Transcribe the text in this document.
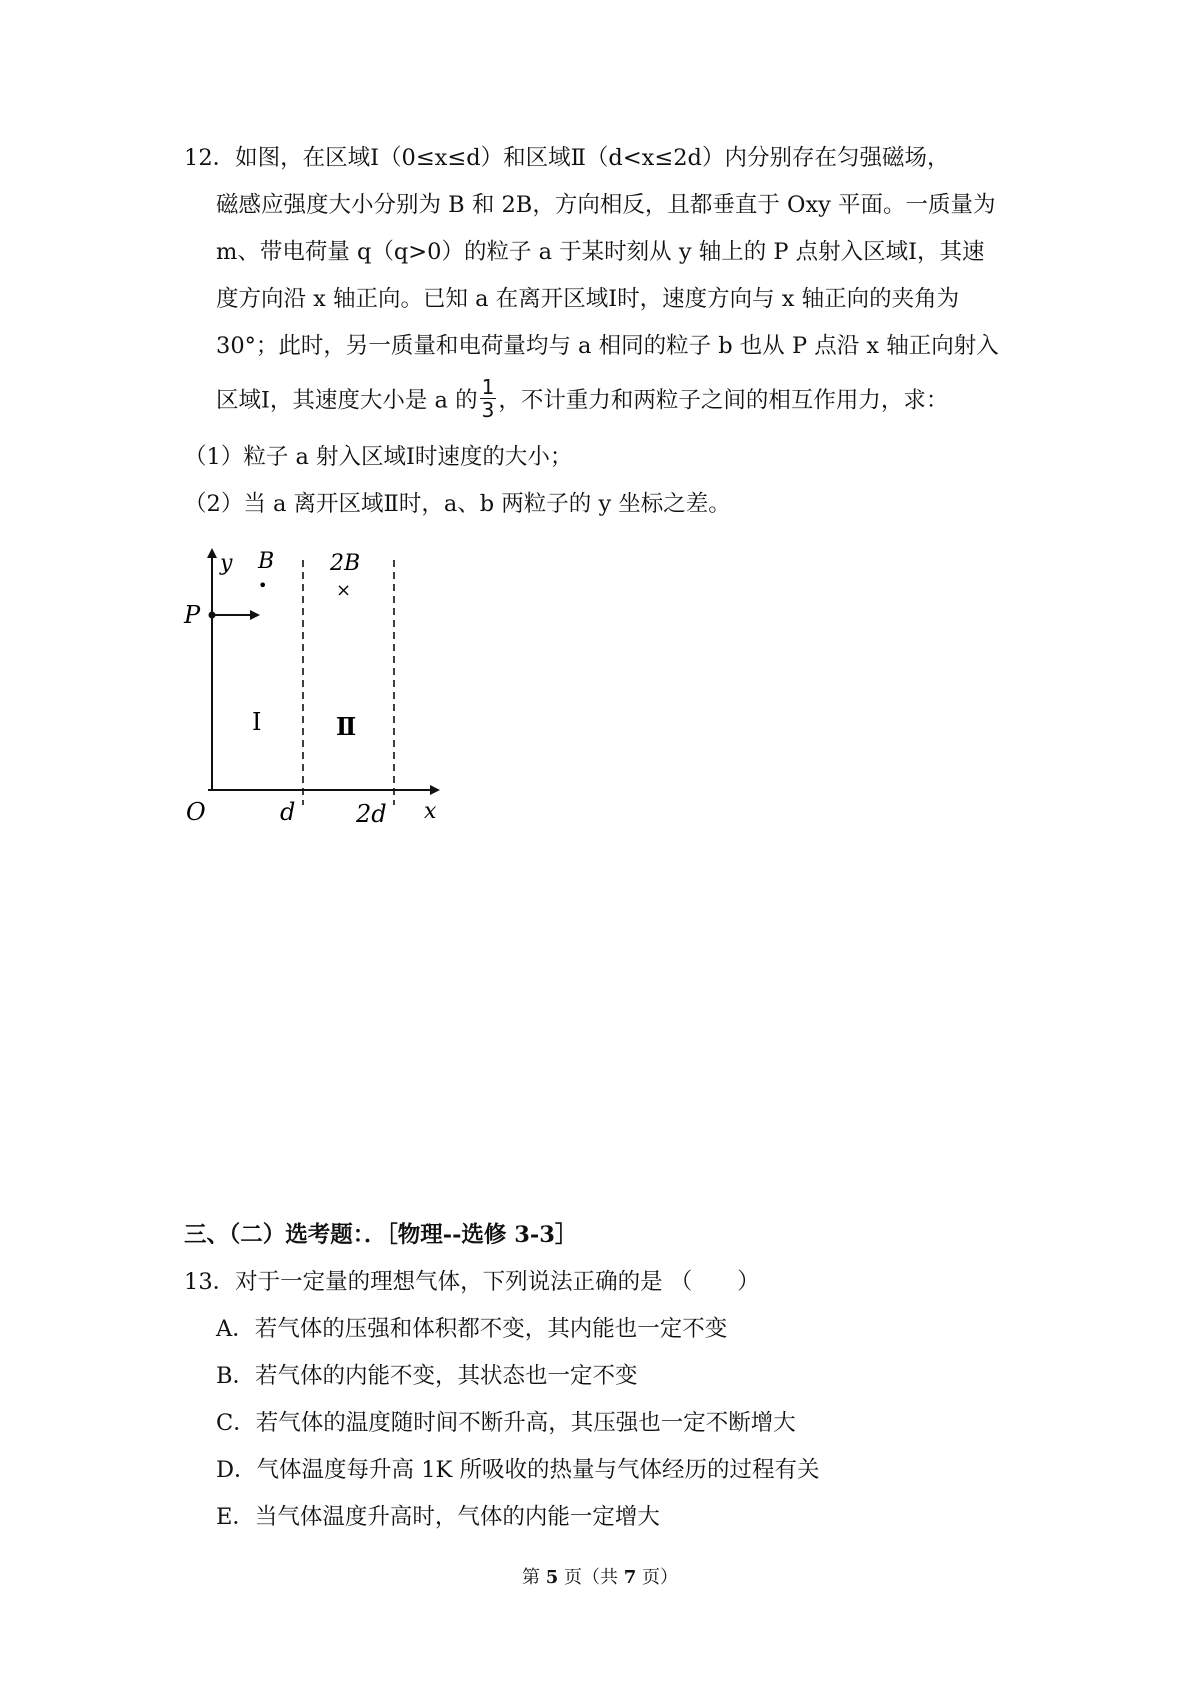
12．如图，在区域Ⅰ（0≤x≤d）和区域Ⅱ（d<x≤2d）内分别存在匀强磁场，
磁感应强度大小分别为 B 和 2B，方向相反，且都垂直于 Oxy 平面。一质量为
m、带电荷量 q（q>0）的粒子 a 于某时刻从 y 轴上的 P 点射入区域Ⅰ，其速
度方向沿 x 轴正向。已知 a 在离开区域Ⅰ时，速度方向与 x 轴正向的夹角为
30°；此时，另一质量和电荷量均与 a 相同的粒子 b 也从 P 点沿 x 轴正向射入
区域Ⅰ，其速度大小是 a 的 $\frac{1}{3}$ ，不计重力和两粒子之间的相互作用力，求：
（1）粒子 a 射入区域Ⅰ时速度的大小；
（2）当 a 离开区域Ⅱ时，a、b 两粒子的 y 坐标之差。
y B
•
2B
×
P
Ⅰ	Ⅱ
O	d	2d x
三、（二）选考题：．［物理--选修 3-3］
13．对于一定量的理想气体，下列说法正确的是 （　　）
A．若气体的压强和体积都不变，其内能也一定不变
B．若气体的内能不变，其状态也一定不变
C．若气体的温度随时间不断升高，其压强也一定不断增大
D．气体温度每升高 1K 所吸收的热量与气体经历的过程有关
E．当气体温度升高时，气体的内能一定增大
第 5 页（共 7 页）
